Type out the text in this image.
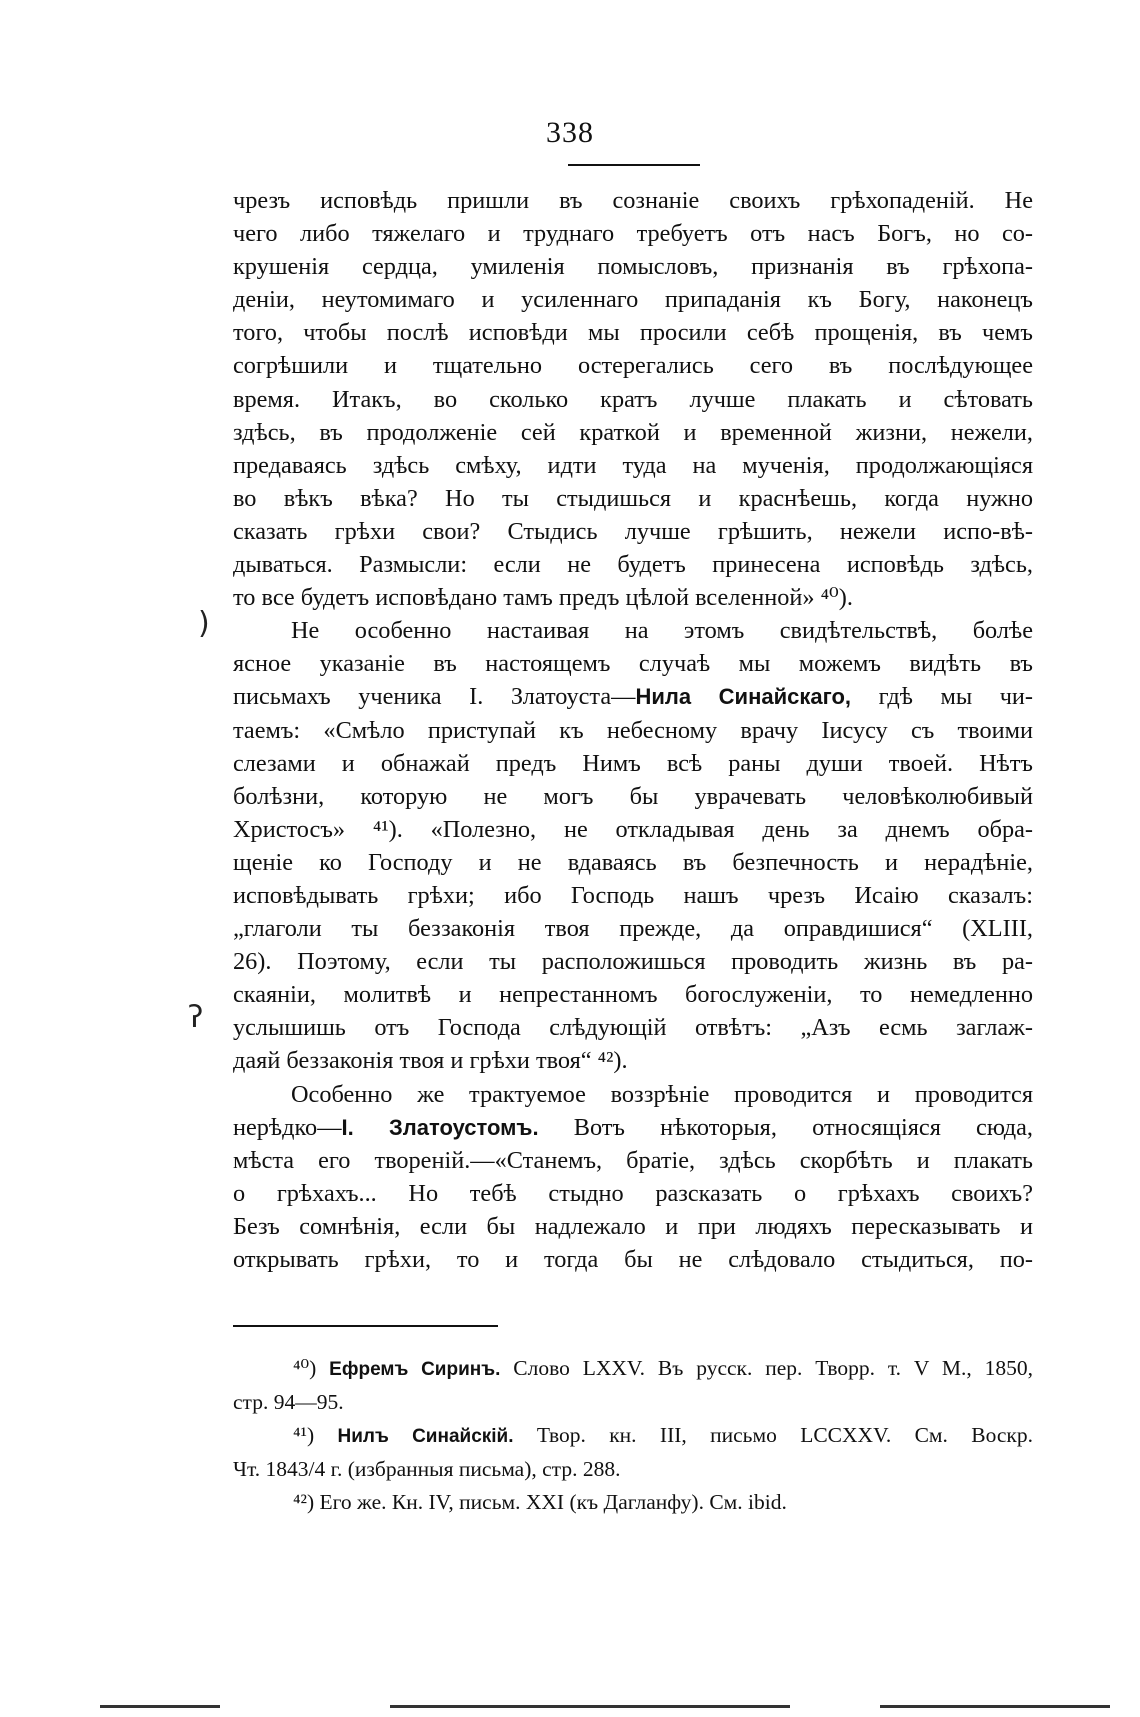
338
)
ʔ
чрезъ исповѣдь пришли въ сознаніе своихъ грѣхопаденій. Не
чего либо тяжелаго и труднаго требуетъ отъ насъ Богъ, но со-
крушенія сердца, умиленія помысловъ, признанія въ грѣхопа-
деніи, неутомимаго и усиленнаго припаданія къ Богу, наконецъ
того, чтобы послѣ исповѣди мы просили себѣ прощенія, въ чемъ
согрѣшили и тщательно остерегались сего въ послѣдующее
время. Итакъ, во сколько кратъ лучше плакать и сѣтовать
здѣсь, въ продолженіе сей краткой и временной жизни, нежели,
предаваясь здѣсь смѣху, идти туда на мученія, продолжающіяся
во вѣкъ вѣка? Но ты стыдишься и краснѣешь, когда нужно
сказать грѣхи свои? Стыдись лучше грѣшить, нежели испо-вѣ-
дываться. Размысли: если не будетъ принесена исповѣдь здѣсь,
то все будетъ исповѣдано тамъ предъ цѣлой вселенной» ⁴⁰).
Не особенно настаивая на этомъ свидѣтельствѣ, болѣе
ясное указаніе въ настоящемъ случаѣ мы можемъ видѣть въ
письмахъ ученика І. Златоуста—Нила Синайскаго, гдѣ мы чи-
таемъ: «Смѣло приступай къ небесному врачу Іисусу съ твоими
слезами и обнажай предъ Нимъ всѣ раны души твоей. Нѣтъ
болѣзни, которую не могъ бы уврачевать человѣколюбивый
Христосъ» ⁴¹). «Полезно, не откладывая день за днемъ обра-
щеніе ко Господу и не вдаваясь въ безпечность и нерадѣніе,
исповѣдывать грѣхи; ибо Господь нашъ чрезъ Исаію сказалъ:
„глаголи ты беззаконія твоя прежде, да оправдишися“ (XLIII,
26). Поэтому, если ты расположишься проводить жизнь въ ра-
скаяніи, молитвѣ и непрестанномъ богослуженіи, то немедленно
услышишь отъ Господа слѣдующій отвѣтъ: „Азъ есмь заглаж-
даяй беззаконія твоя и грѣхи твоя“ ⁴²).
Особенно же трактуемое воззрѣніе проводится и проводится
нерѣдко—І. Златоустомъ. Вотъ нѣкоторыя, относящіяся сюда,
мѣста его твореній.—«Станемъ, братіе, здѣсь скорбѣть и плакать
о грѣхахъ... Но тебѣ стыдно разсказать о грѣхахъ своихъ?
Безъ сомнѣнія, если бы надлежало и при людяхъ пересказывать и
открывать грѣхи, то и тогда бы не слѣдовало стыдиться, по-
⁴⁰) Ефремъ Сиринъ. Слово LXXV. Въ русск. пер. Творр. т. V М., 1850,
стр. 94—95.
⁴¹) Нилъ Синайскій. Твор. кн. III, письмо LCCXXV. См. Воскр.
Чт. 1843/4 г. (избранныя письма), стр. 288.
⁴²) Его же. Кн. IV, письм. XXI (къ Дагланфу). См. ibid.
